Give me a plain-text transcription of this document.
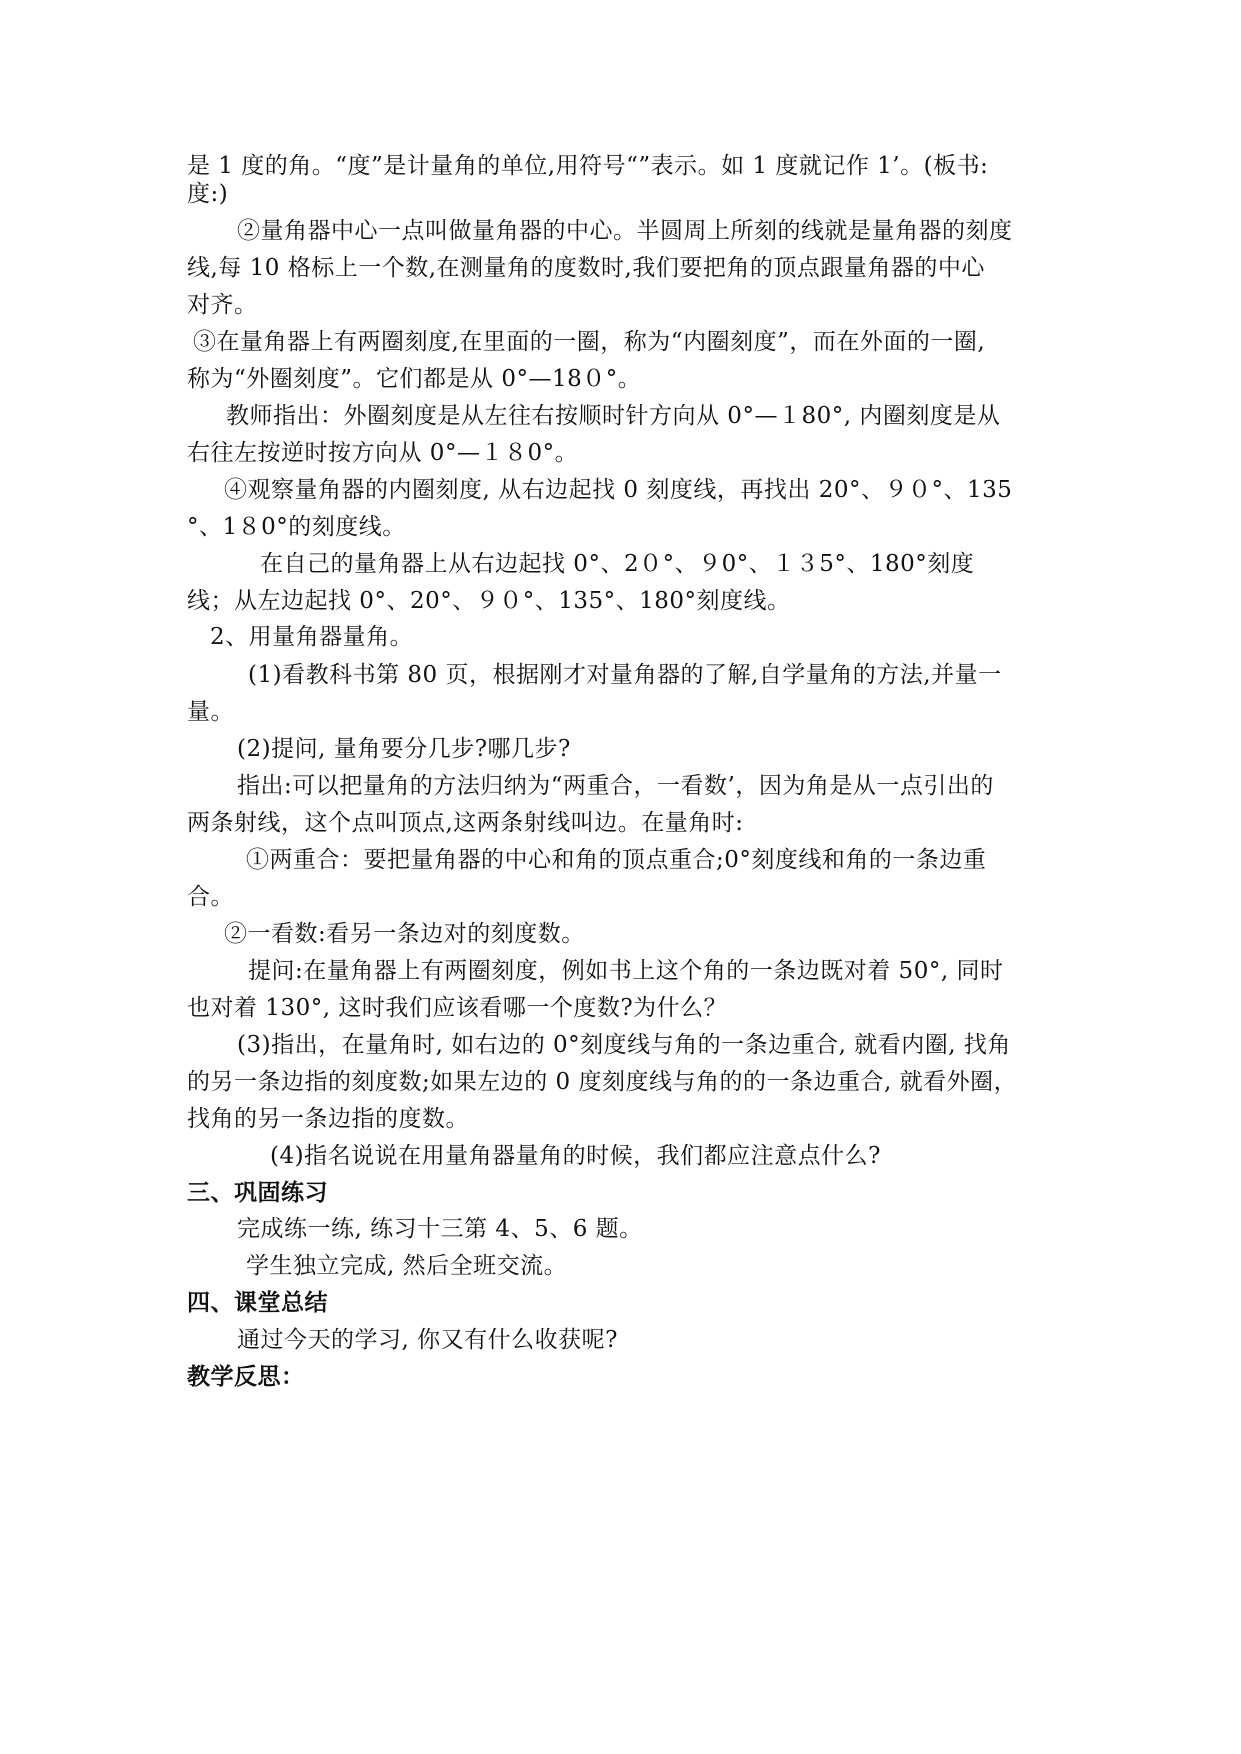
是 1 度的角。“度”是计量角的单位,用符号“”表示。如 1 度就记作 1’。(板书:
度:)
②量角器中心一点叫做量角器的中心。半圆周上所刻的线就是量角器的刻度
线,每 10 格标上一个数,在测量角的度数时,我们要把角的顶点跟量角器的中心
对齐。
③在量角器上有两圈刻度,在里面的一圈，称为“内圈刻度”，而在外面的一圈,
称为“外圈刻度”。它们都是从 0°—18０°。
教师指出：外圈刻度是从左往右按顺时针方向从 0°—１80°, 内圈刻度是从
右往左按逆时按方向从 0°—１８0°。
④观察量角器的内圈刻度, 从右边起找 0 刻度线，再找出 20°、９０°、135
°、1８0°的刻度线。
在自己的量角器上从右边起找 0°、2０°、９0°、１３5°、180°刻度
线；从左边起找 0°、20°、９０°、135°、180°刻度线。
2、用量角器量角。
(1)看教科书第 80 页，根据刚才对量角器的了解,自学量角的方法,并量一
量。
(2)提问, 量角要分几步?哪几步?
指出:可以把量角的方法归纳为“两重合，一看数’，因为角是从一点引出的
两条射线，这个点叫顶点,这两条射线叫边。在量角时:
①两重合：要把量角器的中心和角的顶点重合;0°刻度线和角的一条边重
合。
②一看数:看另一条边对的刻度数。
提问:在量角器上有两圈刻度，例如书上这个角的一条边既对着 50°, 同时
也对着 130°, 这时我们应该看哪一个度数?为什么？
(3)指出，在量角时, 如右边的 0°刻度线与角的一条边重合, 就看内圈, 找角
的另一条边指的刻度数;如果左边的 0 度刻度线与角的的一条边重合, 就看外圈，
找角的另一条边指的度数。
(4)指名说说在用量角器量角的时候，我们都应注意点什么?
三、巩固练习
完成练一练, 练习十三第 4、5、6 题。
学生独立完成, 然后全班交流。
四、课堂总结
通过今天的学习, 你又有什么收获呢?
教学反思：
